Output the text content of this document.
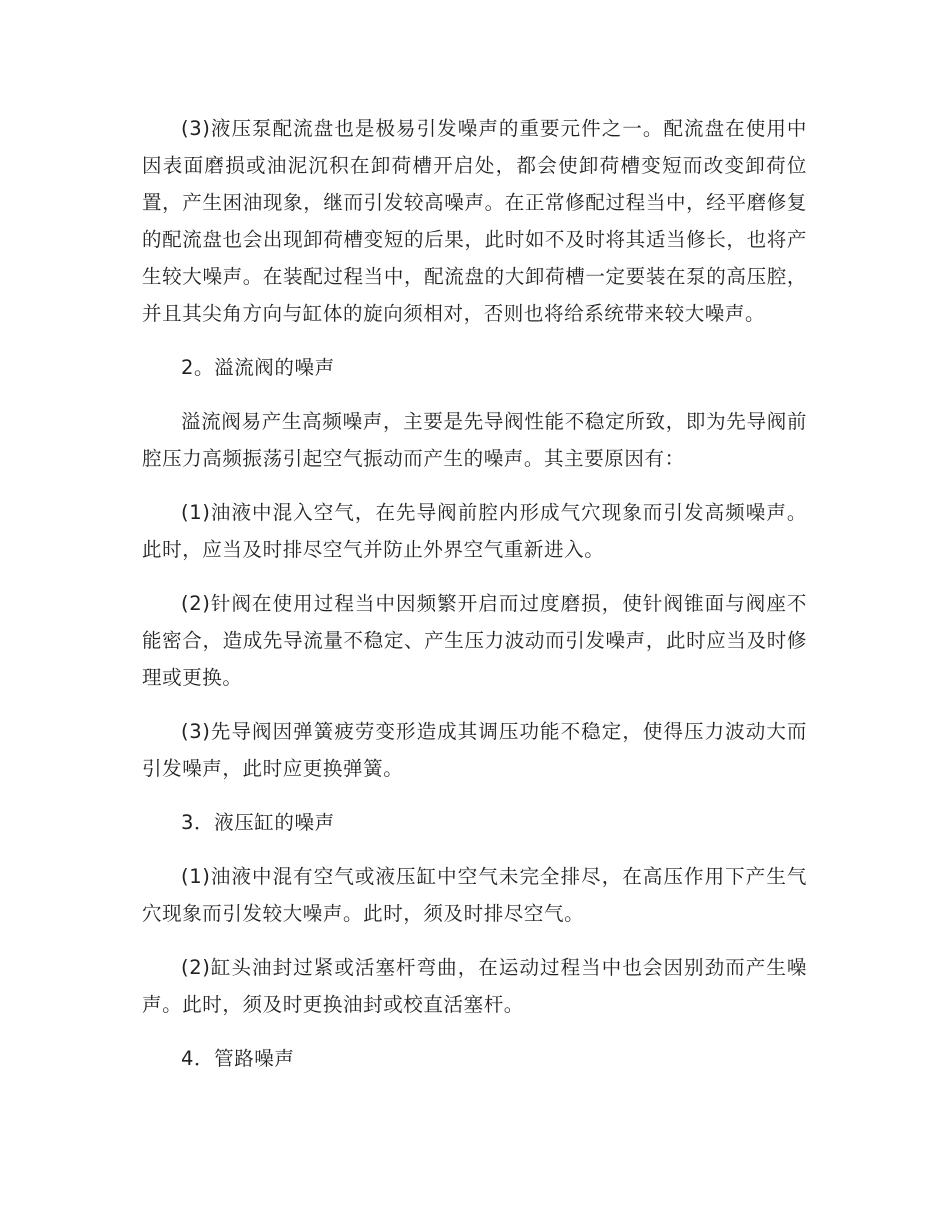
(3)液压泵配流盘也是极易引发噪声的重要元件之一。配流盘在使用中因表面磨损或油泥沉积在卸荷槽开启处，都会使卸荷槽变短而改变卸荷位置，产生困油现象，继而引发较高噪声。在正常修配过程当中，经平磨修复的配流盘也会出现卸荷槽变短的后果，此时如不及时将其适当修长，也将产生较大噪声。在装配过程当中，配流盘的大卸荷槽一定要装在泵的高压腔，并且其尖角方向与缸体的旋向须相对，否则也将给系统带来较大噪声。

2。溢流阀的噪声

溢流阀易产生高频噪声，主要是先导阀性能不稳定所致，即为先导阀前腔压力高频振荡引起空气振动而产生的噪声。其主要原因有：

(1)油液中混入空气，在先导阀前腔内形成气穴现象而引发高频噪声。此时，应当及时排尽空气并防止外界空气重新进入。

(2)针阀在使用过程当中因频繁开启而过度磨损，使针阀锥面与阀座不能密合，造成先导流量不稳定、产生压力波动而引发噪声，此时应当及时修理或更换。

(3)先导阀因弹簧疲劳变形造成其调压功能不稳定，使得压力波动大而引发噪声，此时应更换弹簧。

3．液压缸的噪声

(1)油液中混有空气或液压缸中空气未完全排尽，在高压作用下产生气穴现象而引发较大噪声。此时，须及时排尽空气。

(2)缸头油封过紧或活塞杆弯曲，在运动过程当中也会因别劲而产生噪声。此时，须及时更换油封或校直活塞杆。

4．管路噪声
